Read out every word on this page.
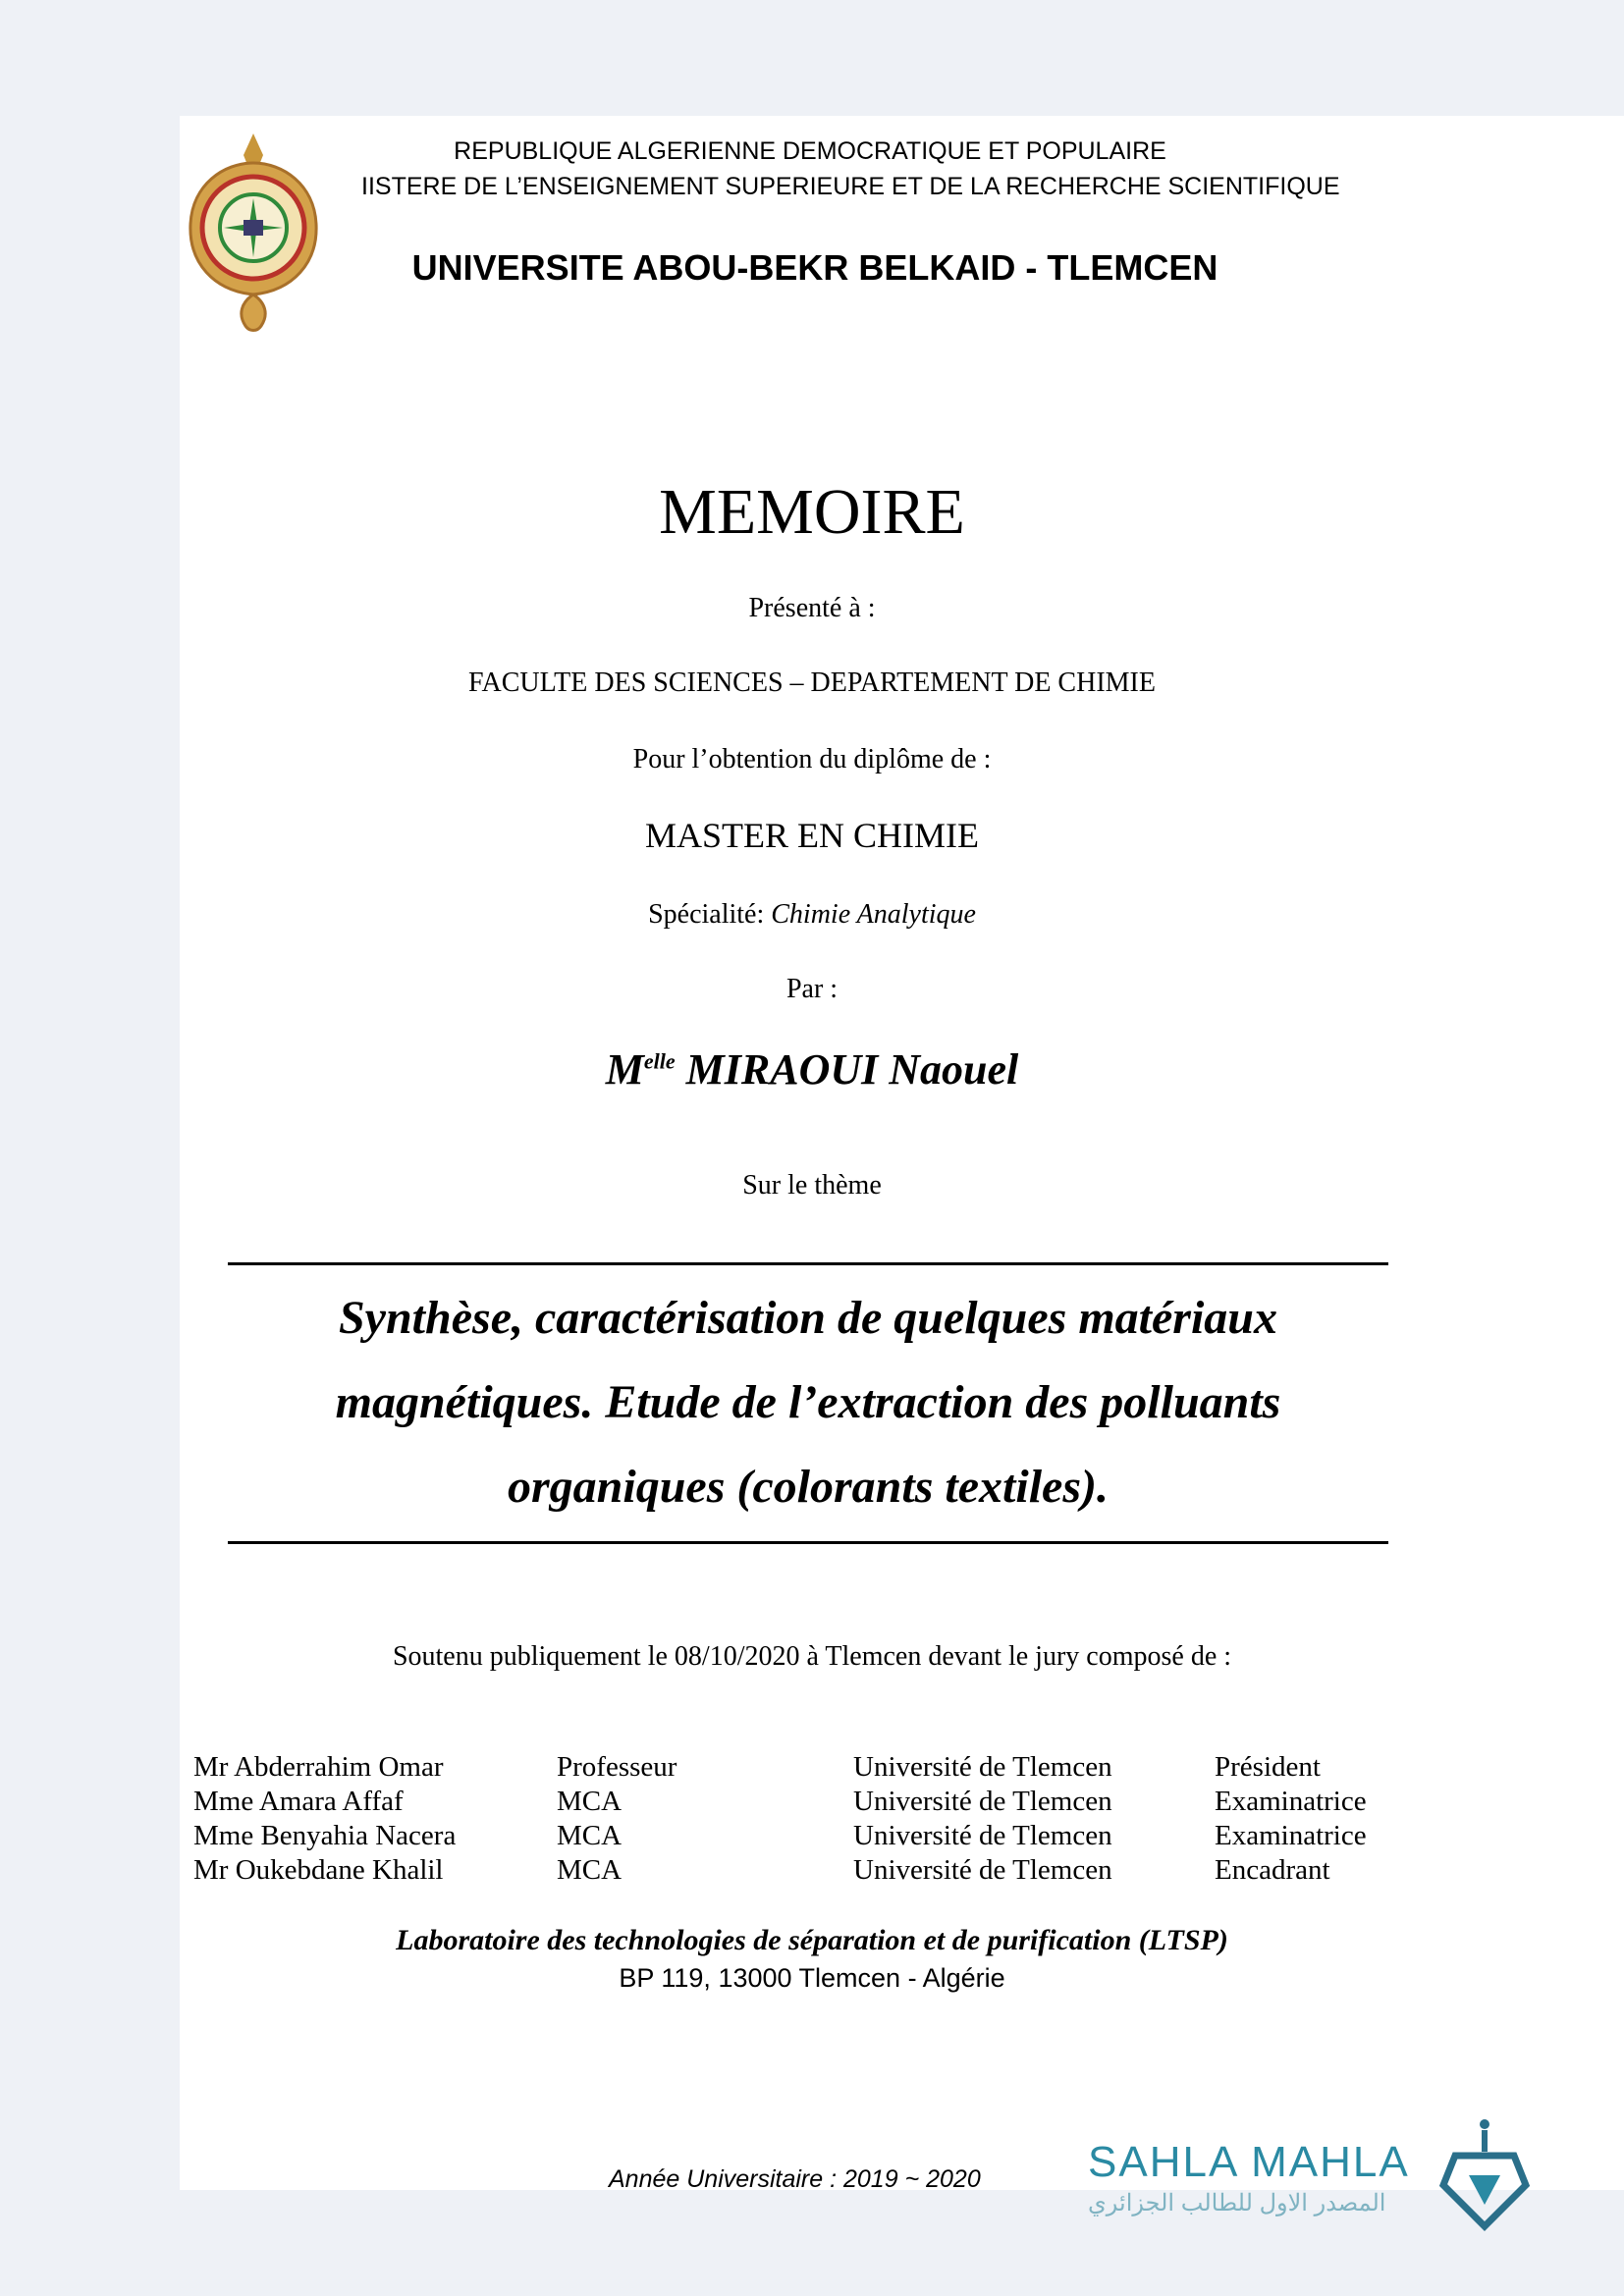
REPUBLIQUE ALGERIENNE DEMOCRATIQUE ET POPULAIRE
IISTERE DE L’ENSEIGNEMENT SUPERIEURE ET DE LA RECHERCHE SCIENTIFIQUE
UNIVERSITE ABOU-BEKR BELKAID - TLEMCEN
MEMOIRE
Présenté à :
FACULTE DES SCIENCES – DEPARTEMENT DE CHIMIE
Pour l’obtention du diplôme de :
MASTER EN CHIMIE
Spécialité: Chimie Analytique
Par :
$M^{elle}$ MIRAOUI Naouel
Sur le thème
Synthèse, caractérisation de quelques matériaux magnétiques. Etude de l’extraction des polluants organiques (colorants textiles).
Soutenu publiquement le 08/10/2020 à Tlemcen devant le jury composé de :
Mr Abderrahim Omar	Professeur	Université de Tlemcen	Président
Mme Amara Affaf	MCA	Université de Tlemcen	Examinatrice
Mme Benyahia Nacera	MCA	Université de Tlemcen	Examinatrice
Mr Oukebdane Khalil	MCA	Université de Tlemcen	Encadrant
Laboratoire des technologies de séparation et de purification (LTSP)
BP 119, 13000 Tlemcen - Algérie
Année Universitaire : 2019 ~ 2020 SAHLA MAHLA
المصدر الاول للطالب الجزائري
